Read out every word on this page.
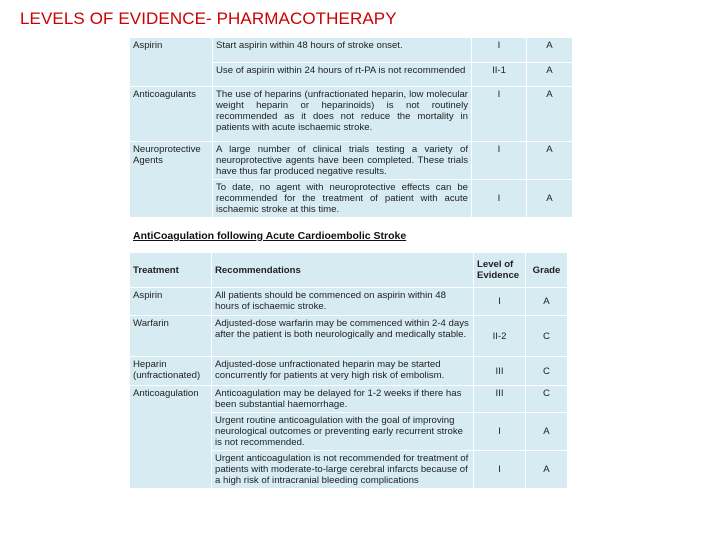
LEVELS OF EVIDENCE- PHARMACOTHERAPY
Aspirin	Start aspirin within 48 hours of stroke onset.	I	A
	Use of aspirin within 24 hours of rt-PA is not recommended	II-1	A
Anticoagulants	The use of heparins (unfractionated heparin, low molecular weight heparin or heparinoids) is not routinely recommended as it does not reduce the mortality in patients with acute ischaemic stroke.	I	A
Neuroprotective Agents	A large number of clinical trials testing a variety of neuroprotective agents have been completed. These trials have thus far produced negative results.	I	A
	To date, no agent with neuroprotective effects can be recommended for the treatment of patient with acute ischaemic stroke at this time.	I	A
AntiCoagulation following Acute Cardioembolic Stroke
Treatment	Recommendations	Level of Evidence	Grade
Aspirin	All patients should be commenced on aspirin within 48 hours of ischaemic stroke.	I	A
Warfarin	Adjusted-dose warfarin may be commenced within 2-4 days after the patient is both neurologically and medically stable.	II-2	C
Heparin (unfractionated)	Adjusted-dose unfractionated heparin may be started concurrently for patients at very high risk of embolism.	III	C
Anticoagulation	Anticoagulation may be delayed for 1-2 weeks if there has been substantial haemorrhage.	III	C
	Urgent routine anticoagulation with the goal of improving neurological outcomes or preventing early recurrent stroke is not recommended.	I	A
	Urgent anticoagulation is not recommended for treatment of patients with moderate-to-large cerebral infarcts because of a high risk of intracranial bleeding complications	I	A
